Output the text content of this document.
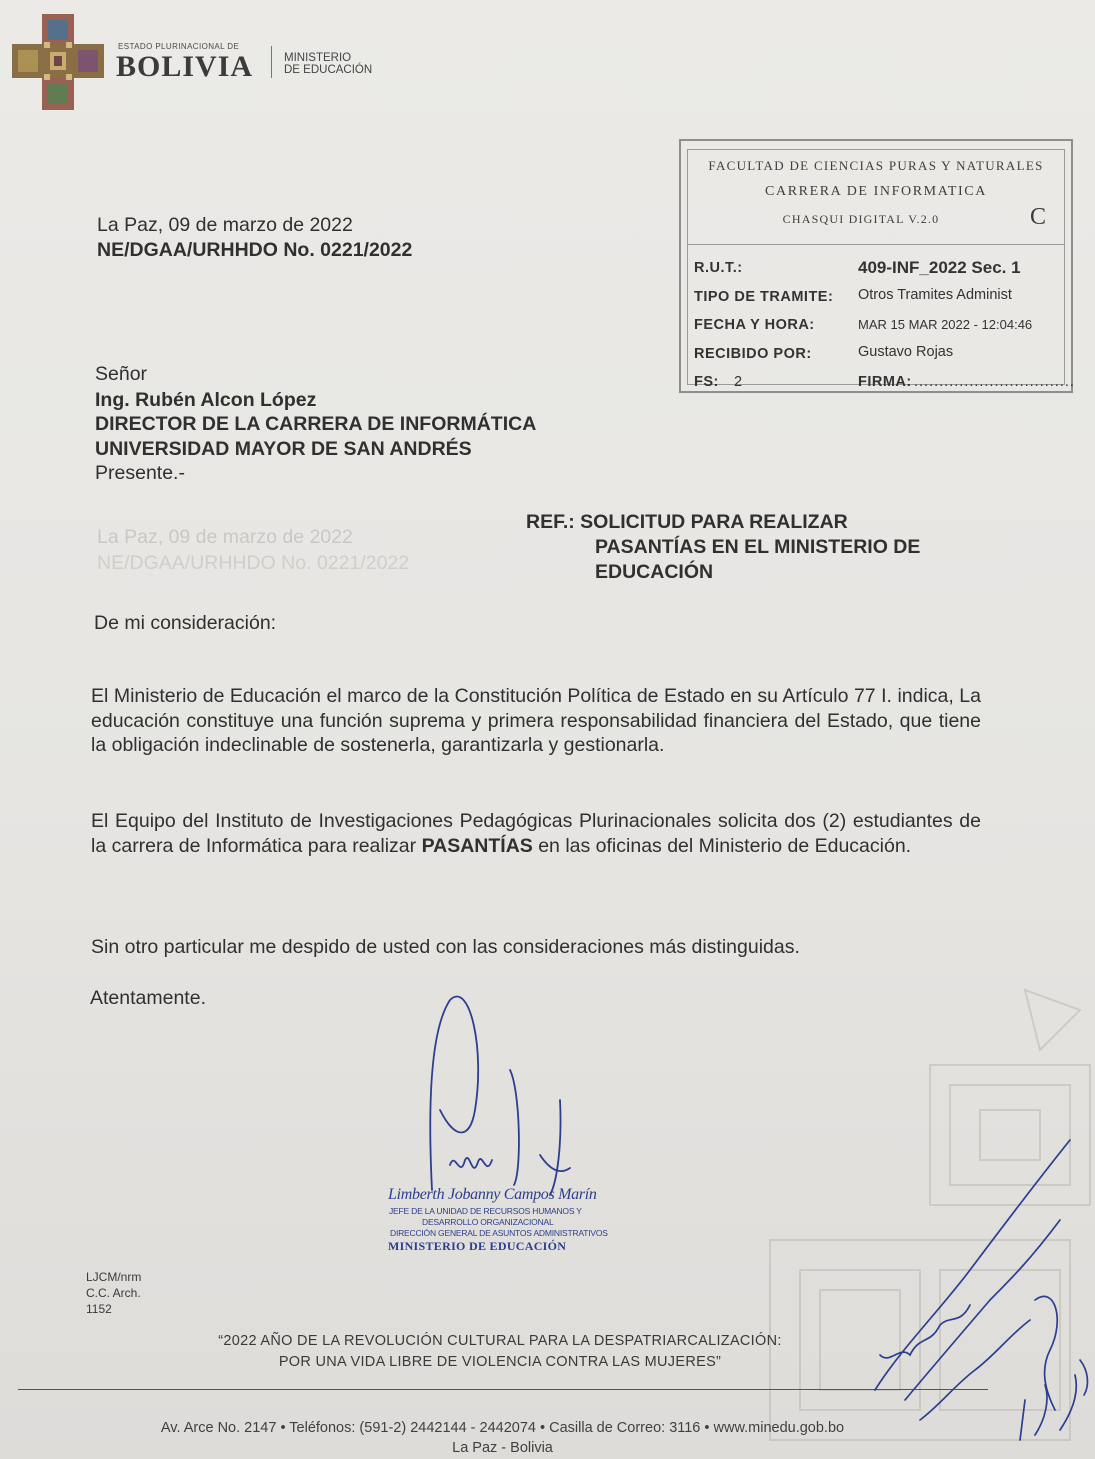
ESTADO PLURINACIONAL DE
BOLIVIA	MINISTERIO
DE EDUCACIÓN
FACULTAD DE CIENCIAS PURAS Y NATURALES
CARRERA DE INFORMATICA
CHASQUI DIGITAL V.2.0	C
R.U.T.:	409-INF_2022 Sec. 1
TIPO DE TRAMITE: Otros Tramites Administ
FECHA Y HORA:	MAR 15 MAR 2022 - 12:04:46
RECIBIDO POR:	Gustavo Rojas
FS: 2	FIRMA: ................................
La Paz, 09 de marzo de 2022
NE/DGAA/URHHDO No. 0221/2022
Señor
Ing. Rubén Alcon López
DIRECTOR DE LA CARRERA DE INFORMÁTICA
UNIVERSIDAD MAYOR DE SAN ANDRÉS
Presente.-
La Paz, 09 de marzo de 2022
NE/DGAA/URHHDO No. 0221/2022
REF.: SOLICITUD PARA REALIZAR
PASANTÍAS EN EL MINISTERIO DE
EDUCACIÓN
De mi consideración:
El Ministerio de Educación el marco de la Constitución Política de Estado en su Artículo 77 I. indica, La educación constituye una función suprema y primera responsabilidad financiera del Estado, que tiene la obligación indeclinable de sostenerla, garantizarla y gestionarla.
El Equipo del Instituto de Investigaciones Pedagógicas Plurinacionales solicita dos (2) estudiantes de la carrera de Informática para realizar PASANTÍAS en las oficinas del Ministerio de Educación.
Sin otro particular me despido de usted con las consideraciones más distinguidas.
Atentamente.
Limberth Jobanny Campos Marín
JEFE DE LA UNIDAD DE RECURSOS HUMANOS Y
DESARROLLO ORGANIZACIONAL
DIRECCIÓN GENERAL DE ASUNTOS ADMINISTRATIVOS
MINISTERIO DE EDUCACIÓN
LJCM/nrm
C.C. Arch.
1152
“2022 AÑO DE LA REVOLUCIÓN CULTURAL PARA LA DESPATRIARCALIZACIÓN:
POR UNA VIDA LIBRE DE VIOLENCIA CONTRA LAS MUJERES”
Av. Arce No. 2147 • Teléfonos: (591-2) 2442144 - 2442074 • Casilla de Correo: 3116 • www.minedu.gob.bo
La Paz - Bolivia
